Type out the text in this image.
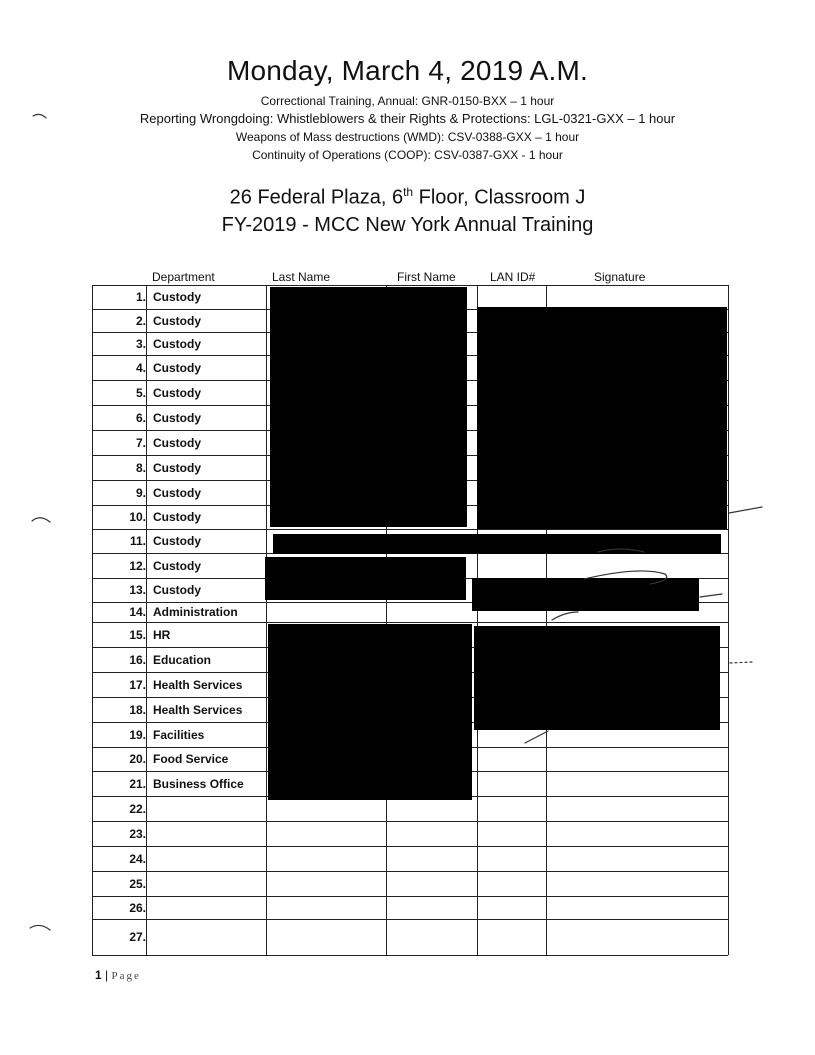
Monday, March 4, 2019 A.M.
Correctional Training, Annual: GNR-0150-BXX – 1 hour
Reporting Wrongdoing: Whistleblowers & their Rights & Protections: LGL-0321-GXX – 1 hour
Weapons of Mass destructions (WMD): CSV-0388-GXX – 1 hour
Continuity of Operations (COOP): CSV-0387-GXX - 1 hour
26 Federal Plaza, 6th Floor, Classroom J
FY-2019 - MCC New York Annual Training
Department	Last Name	First Name	LAN ID#	Signature
1. Custody
2. Custody
3. Custody
4. Custody
5. Custody
6. Custody
7. Custody
8. Custody
9. Custody
10. Custody
11. Custody
12. Custody
13. Custody
14. Administration
15. HR
16. Education
17. Health Services
18. Health Services
19. Facilities
20. Food Service
21. Business Office
22.
23.
24.
25.
26.
27.
1 | Page
